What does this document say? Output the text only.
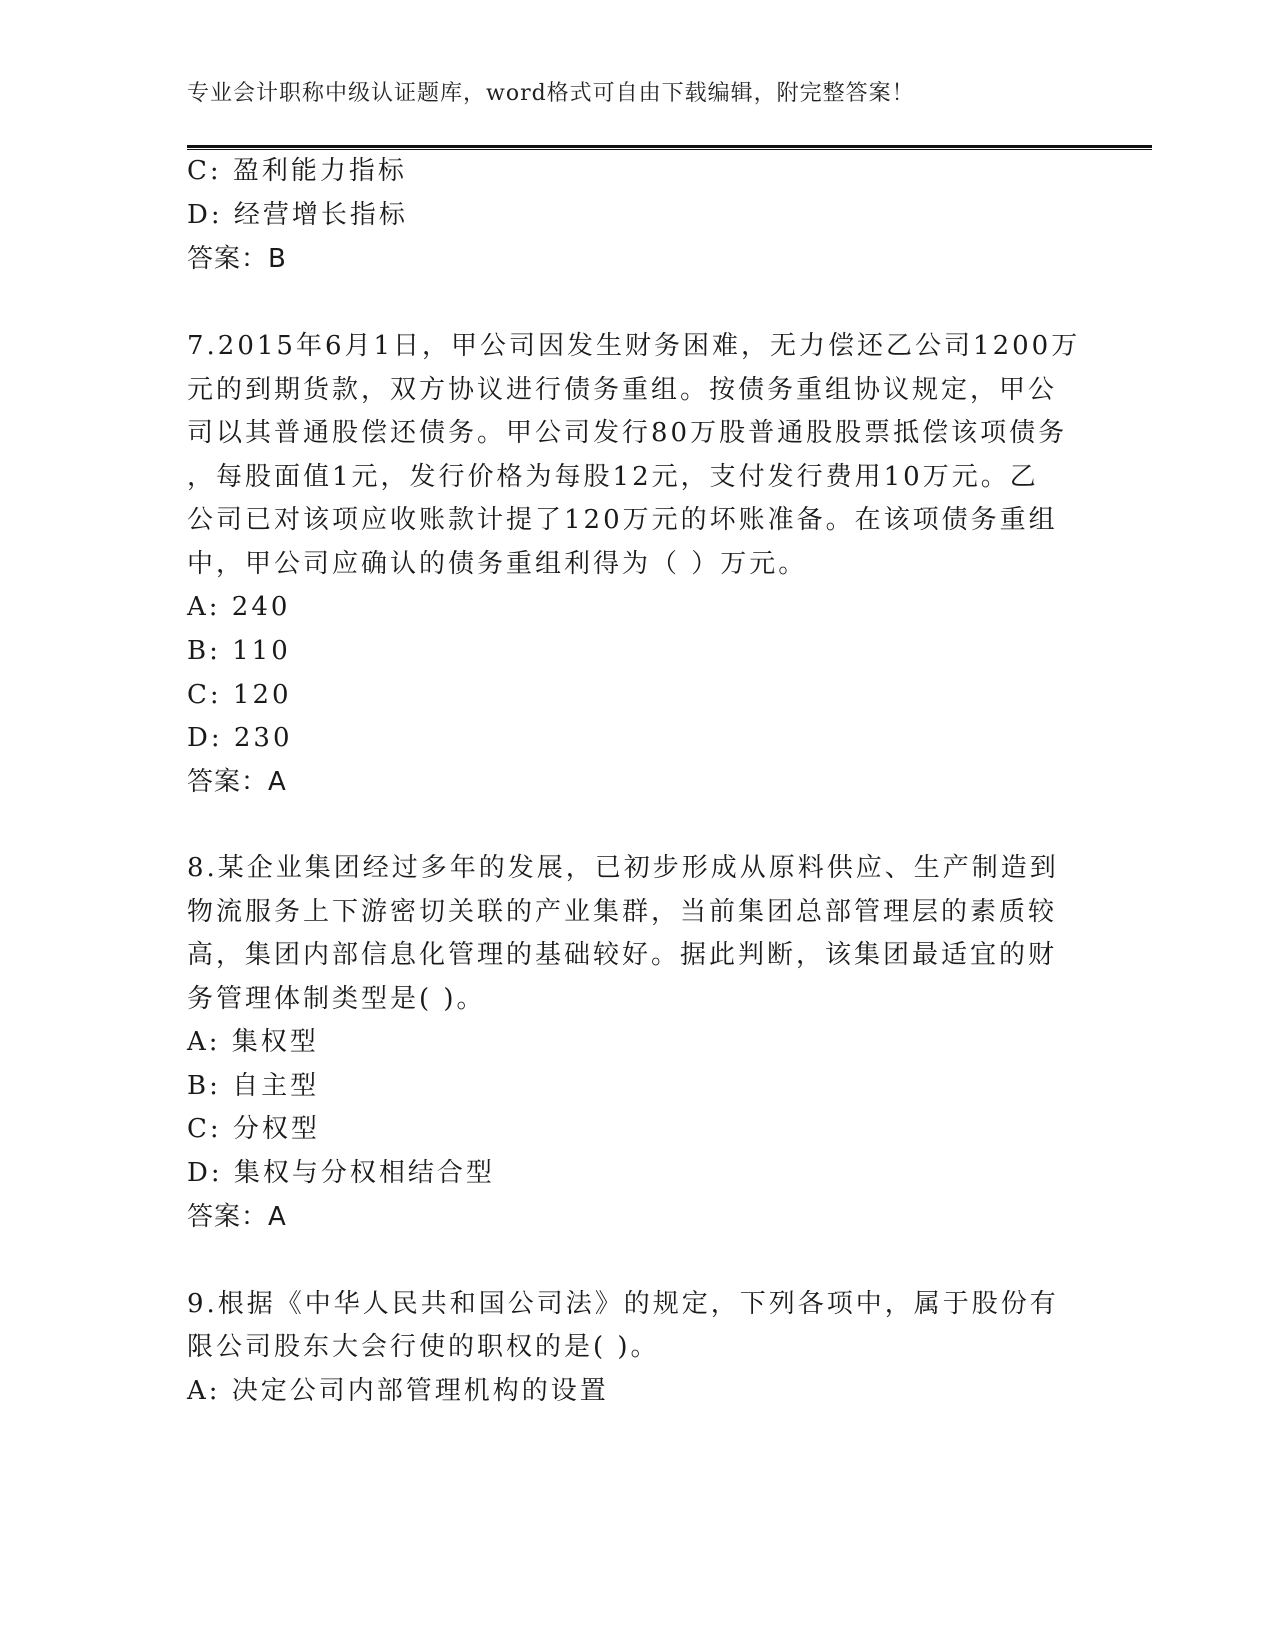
专业会计职称中级认证题库，word格式可自由下载编辑，附完整答案！
C: 盈利能力指标
D: 经营增长指标
答案：B
7.2015年6月1日，甲公司因发生财务困难，无力偿还乙公司1200万
元的到期货款，双方协议进行债务重组。按债务重组协议规定，甲公
司以其普通股偿还债务。甲公司发行80万股普通股股票抵偿该项债务
，每股面值1元，发行价格为每股12元，支付发行费用10万元。乙
公司已对该项应收账款计提了120万元的坏账准备。在该项债务重组
中，甲公司应确认的债务重组利得为（ ）万元。
A: 240
B: 110
C: 120
D: 230
答案：A
8.某企业集团经过多年的发展，已初步形成从原料供应、生产制造到
物流服务上下游密切关联的产业集群，当前集团总部管理层的素质较
高，集团内部信息化管理的基础较好。据此判断，该集团最适宜的财
务管理体制类型是( )。
A: 集权型
B: 自主型
C: 分权型
D: 集权与分权相结合型
答案：A
9.根据《中华人民共和国公司法》的规定，下列各项中，属于股份有
限公司股东大会行使的职权的是( )。
A: 决定公司内部管理机构的设置
